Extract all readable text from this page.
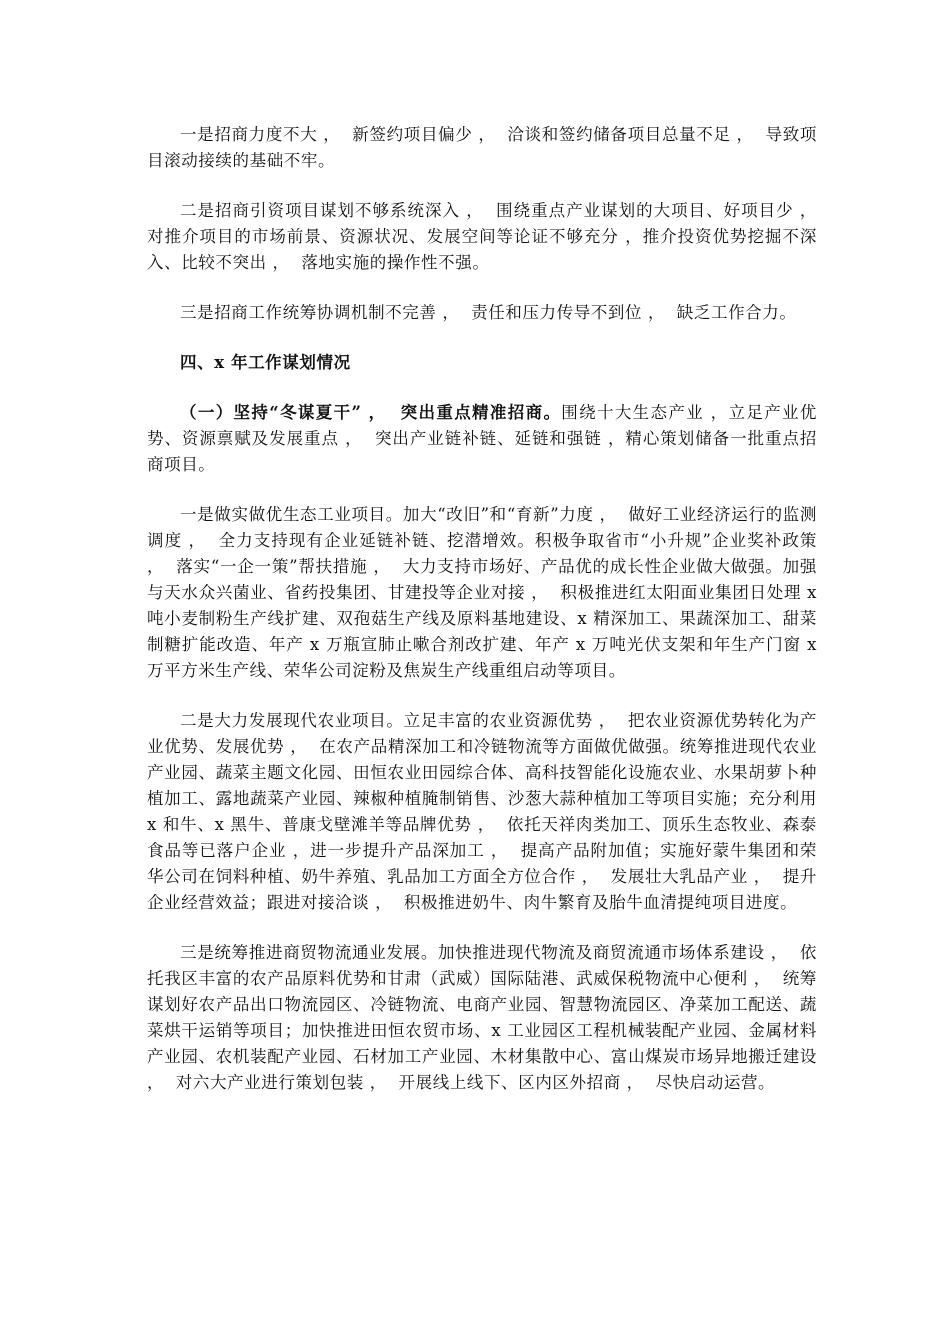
一是招商力度不大 ，  新签约项目偏少 ，  洽谈和签约储备项目总量不足 ，  导致项目滚动接续的基础不牢。

二是招商引资项目谋划不够系统深入 ，  围绕重点产业谋划的大项目、好项目少 ，  对推介项目的市场前景、资源状况、发展空间等论证不够充分 ，推介投资优势挖掘不深入、比较不突出 ，  落地实施的操作性不强。

三是招商工作统筹协调机制不完善 ，  责任和压力传导不到位 ，  缺乏工作合力。

四、x 年工作谋划情况

（一）坚持“冬谋夏干” ，  突出重点精准招商。围绕十大生态产业 ，立足产业优势、资源禀赋及发展重点 ，  突出产业链补链、延链和强链 ，精心策划储备一批重点招商项目。

一是做实做优生态工业项目。加大“改旧”和“育新”力度 ，  做好工业经济运行的监测调度 ，  全力支持现有企业延链补链、挖潜增效。积极争取省市“小升规”企业奖补政策 ，  落实“一企一策”帮扶措施 ，  大力支持市场好、产品优的成长性企业做大做强。加强与天水众兴菌业、省药投集团、甘建投等企业对接 ，  积极推进红太阳面业集团日处理 x 吨小麦制粉生产线扩建、双孢菇生产线及原料基地建设、x 精深加工、果蔬深加工、甜菜制糖扩能改造、年产 x 万瓶宣肺止嗽合剂改扩建、年产 x 万吨光伏支架和年生产门窗 x 万平方米生产线、荣华公司淀粉及焦炭生产线重组启动等项目。

二是大力发展现代农业项目。立足丰富的农业资源优势 ，  把农业资源优势转化为产业优势、发展优势 ，  在农产品精深加工和冷链物流等方面做优做强。统筹推进现代农业产业园、蔬菜主题文化园、田恒农业田园综合体、高科技智能化设施农业、水果胡萝卜种植加工、露地蔬菜产业园、辣椒种植腌制销售、沙葱大蒜种植加工等项目实施；充分利用 x 和牛、x 黑牛、普康戈壁滩羊等品牌优势 ，  依托天祥肉类加工、顶乐生态牧业、森泰食品等已落户企业 ，进一步提升产品深加工 ，  提高产品附加值；实施好蒙牛集团和荣华公司在饲料种植、奶牛养殖、乳品加工方面全方位合作 ，  发展壮大乳品产业 ，  提升企业经营效益；跟进对接洽谈 ，  积极推进奶牛、肉牛繁育及胎牛血清提纯项目进度。

三是统筹推进商贸物流通业发展。加快推进现代物流及商贸流通市场体系建设 ，  依托我区丰富的农产品原料优势和甘肃（武威）国际陆港、武威保税物流中心便利 ，  统筹谋划好农产品出口物流园区、冷链物流、电商产业园、智慧物流园区、净菜加工配送、蔬菜烘干运销等项目；加快推进田恒农贸市场、x 工业园区工程机械装配产业园、金属材料产业园、农机装配产业园、石材加工产业园、木材集散中心、富山煤炭市场异地搬迁建设 ，  对六大产业进行策划包装 ，  开展线上线下、区内区外招商 ，  尽快启动运营。
